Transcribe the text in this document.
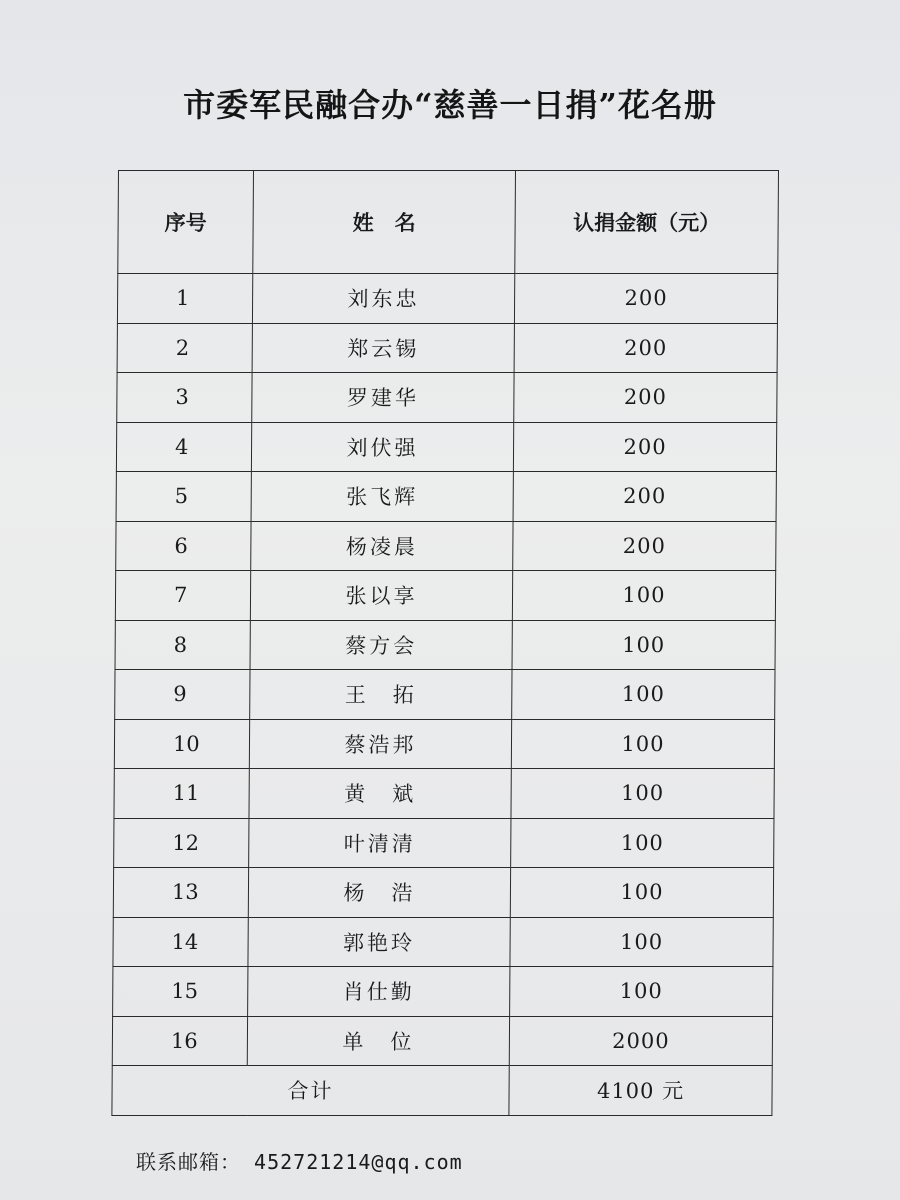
市委军民融合办“慈善一日捐”花名册
序号	姓　名	认捐金额（元）
1	刘东忠	200
2	郑云锡	200
3	罗建华	200
4	刘伏强	200
5	张飞辉	200
6	杨凌晨	200
7	张以享	100
8	蔡方会	100
9	王　拓	100
10	蔡浩邦	100
11	黄　斌	100
12	叶清清	100
13	杨　浩	100
14	郭艳玲	100
15	肖仕勤	100
16	单　位	2000
合计		4100 元
联系邮箱： 452721214@qq.com
